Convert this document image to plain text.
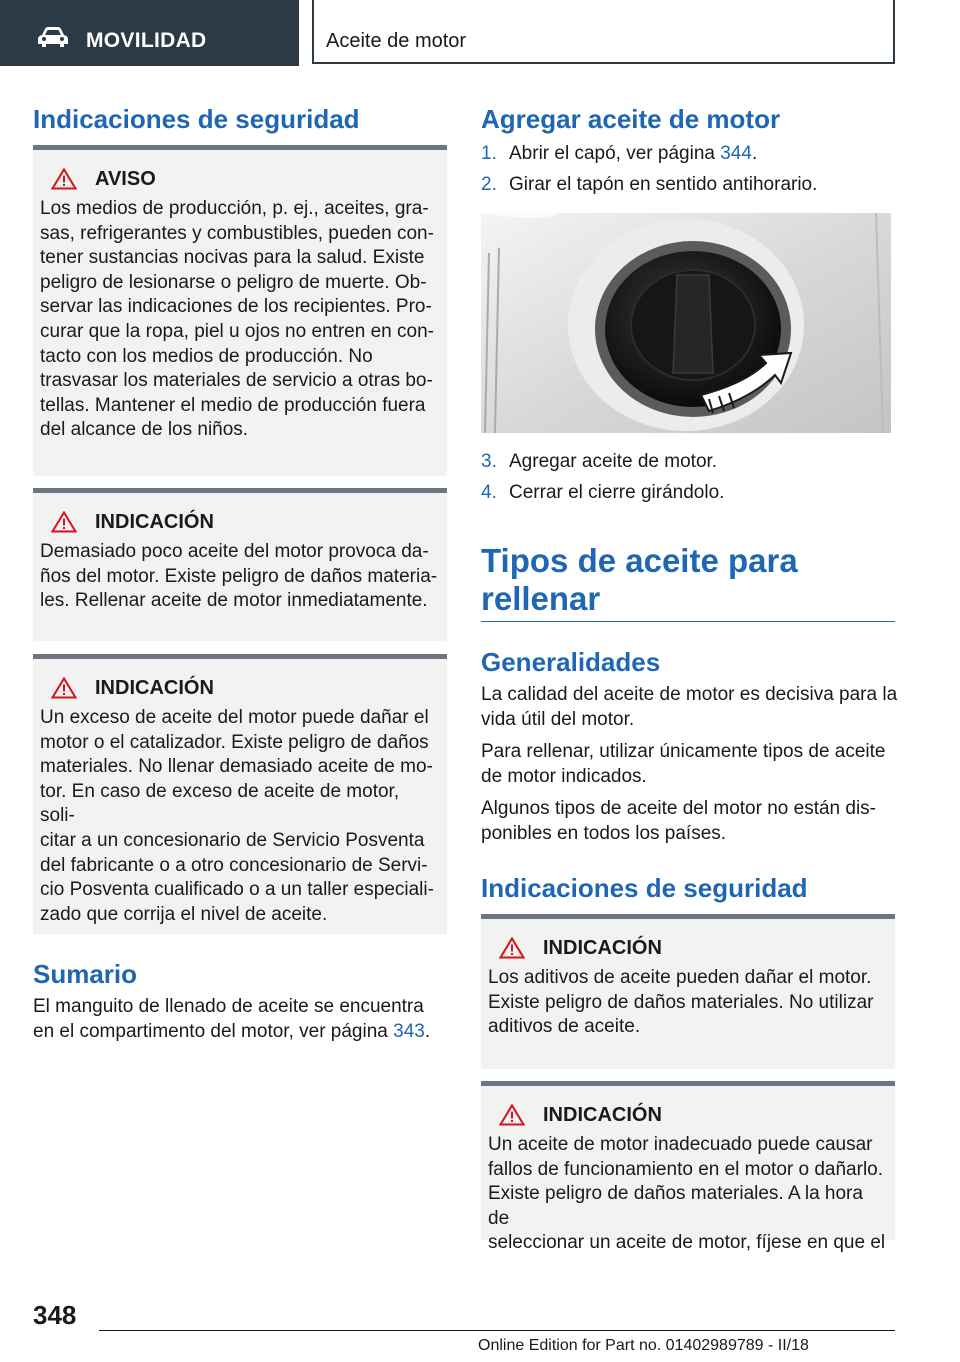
MOVILIDAD	Aceite de motor
Indicaciones de seguridad
AVISO

Los medios de producción, p. ej., aceites, gra‐
sas, refrigerantes y combustibles, pueden con‐
tener sustancias nocivas para la salud. Existe
peligro de lesionarse o peligro de muerte. Ob‐
servar las indicaciones de los recipientes. Pro‐
curar que la ropa, piel u ojos no entren en con‐
tacto con los medios de producción. No
trasvasar los materiales de servicio a otras bo‐
tellas. Mantener el medio de producción fuera
del alcance de los niños.

INDICACIÓN

Demasiado poco aceite del motor provoca da‐
ños del motor. Existe peligro de daños materia‐
les. Rellenar aceite de motor inmediatamente.

INDICACIÓN

Un exceso de aceite del motor puede dañar el
motor o el catalizador. Existe peligro de daños
materiales. No llenar demasiado aceite de mo‐
tor. En caso de exceso de aceite de motor, soli‐
citar a un concesionario de Servicio Posventa
del fabricante o a otro concesionario de Servi‐
cio Posventa cualificado o a un taller especiali‐
zado que corrija el nivel de aceite.

Sumario

El manguito de llenado de aceite se encuentra
en el compartimento del motor, ver página 343.

Agregar aceite de motor
1. Abrir el capó, ver página 344.
2. Girar el tapón en sentido antihorario.
3. Agregar aceite de motor.
4. Cerrar el cierre girándolo.
Tipos de aceite para
rellenar
Generalidades

La calidad del aceite de motor es decisiva para la
vida útil del motor.

Para rellenar, utilizar únicamente tipos de aceite
de motor indicados.

Algunos tipos de aceite del motor no están dis‐
ponibles en todos los países.

Indicaciones de seguridad
INDICACIÓN

Los aditivos de aceite pueden dañar el motor.
Existe peligro de daños materiales. No utilizar
aditivos de aceite.

INDICACIÓN

Un aceite de motor inadecuado puede causar
fallos de funcionamiento en el motor o dañarlo.
Existe peligro de daños materiales. A la hora de
seleccionar un aceite de motor, fíjese en que el

348
Online Edition for Part no. 01402989789 - II/18
